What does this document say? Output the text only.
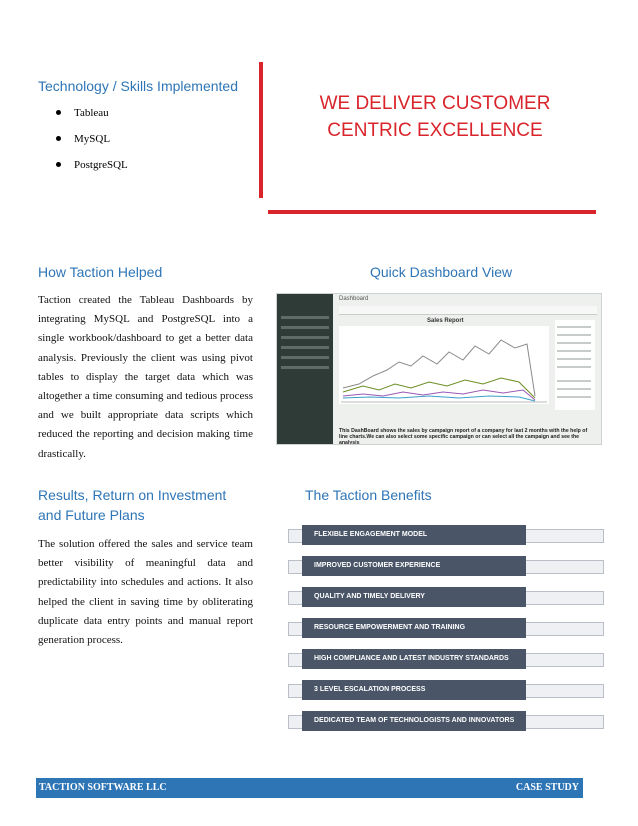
Technology / Skills Implemented
Tableau
MySQL
PostgreSQL
WE DELIVER CUSTOMER
CENTRIC EXCELLENCE
How Taction Helped
Taction created the Tableau Dashboards by integrating MySQL and PostgreSQL into a single workbook/dashboard to get a better data analysis. Previously the client was using pivot tables to display the target data which was altogether a time consuming and tedious process and we built appropriate data scripts which reduced the reporting and decision making time drastically.
Quick Dashboard View
Dashboard
Sales Report
This DashBoard shows the sales by campaign report of a company for last 2 months with the help of line charts.We can also select some specific campaign or can select all the campaign and see the analysis
Results, Return on Investment
and Future Plans
The solution offered the sales and service team better visibility of meaningful data and predictability into schedules and actions. It also helped the client in saving time by obliterating duplicate data entry points and manual report generation process.
The Taction Benefits
FLEXIBLE ENGAGEMENT MODEL
IMPROVED CUSTOMER EXPERIENCE
QUALITY AND TIMELY DELIVERY
RESOURCE EMPOWERMENT AND TRAINING
HIGH COMPLIANCE AND LATEST INDUSTRY STANDARDS
3 LEVEL ESCALATION PROCESS
DEDICATED TEAM OF TECHNOLOGISTS AND INNOVATORS
TACTION SOFTWARE LLC	CASE STUDY
